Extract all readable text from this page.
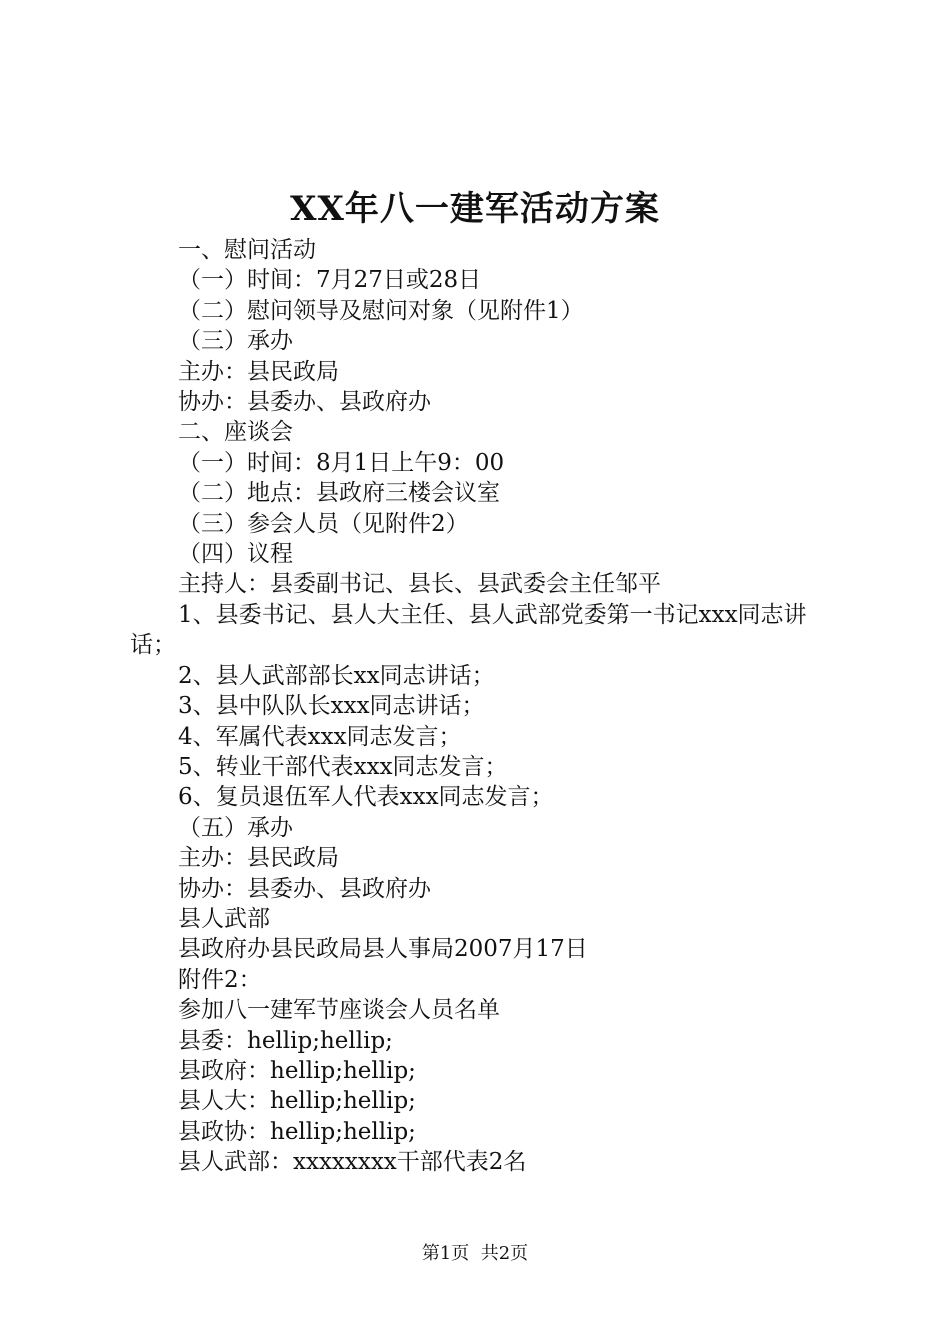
XX年八一建军活动方案

一、慰问活动

（一）时间：7月27日或28日

（二）慰问领导及慰问对象（见附件1）

（三）承办

主办：县民政局

协办：县委办、县政府办

二、座谈会

（一）时间：8月1日上午9：00

（二）地点：县政府三楼会议室

（三）参会人员（见附件2）

（四）议程

主持人：县委副书记、县长、县武委会主任邹平

1、县委书记、县人大主任、县人武部党委第一书记xxx同志讲话；

2、县人武部部长xx同志讲话；

3、县中队队长xxx同志讲话；

4、军属代表xxx同志发言；

5、转业干部代表xxx同志发言；

6、复员退伍军人代表xxx同志发言；

（五）承办

主办：县民政局

协办：县委办、县政府办

县人武部

县政府办县民政局县人事局2007月17日

附件2：

参加八一建军节座谈会人员名单

县委：hellip;hellip;

县政府：hellip;hellip;

县人大：hellip;hellip;

县政协：hellip;hellip;

县人武部：xxxxxxxx干部代表2名

第1页  共2页
